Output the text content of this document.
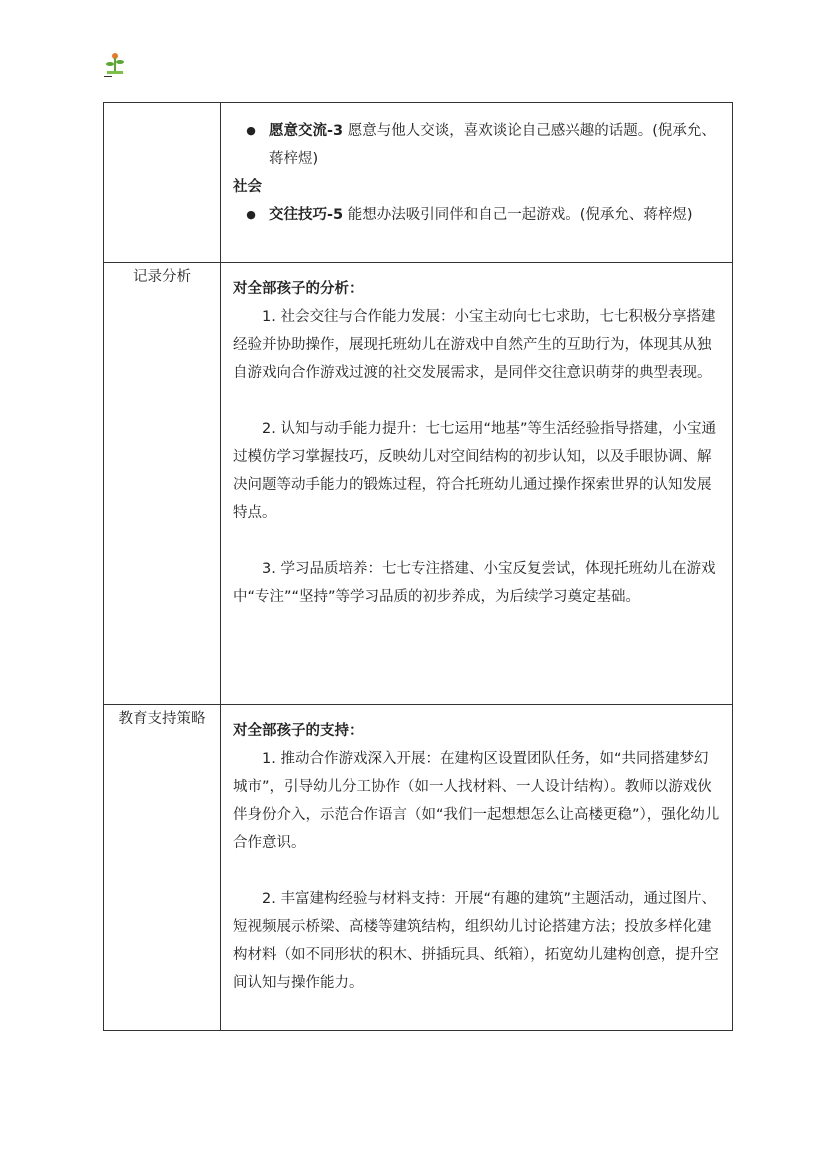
	● 愿意交流-3 愿意与他人交谈，喜欢谈论自己感兴趣的话题。(倪承允、蒋梓煜)

社会

● 交往技巧-5 能想办法吸引同伴和自己一起游戏。(倪承允、蒋梓煜)

记录分析	对全部孩子的分析：

1. 社会交往与合作能力发展：小宝主动向七七求助，七七积极分享搭建经验并协助操作，展现托班幼儿在游戏中自然产生的互助行为，体现其从独自游戏向合作游戏过渡的社交发展需求，是同伴交往意识萌芽的典型表现。

2. 认知与动手能力提升：七七运用“地基”等生活经验指导搭建，小宝通过模仿学习掌握技巧，反映幼儿对空间结构的初步认知，以及手眼协调、解决问题等动手能力的锻炼过程，符合托班幼儿通过操作探索世界的认知发展特点。

3. 学习品质培养：七七专注搭建、小宝反复尝试，体现托班幼儿在游戏中“专注”“坚持”等学习品质的初步养成，为后续学习奠定基础。

教育支持策略	对全部孩子的支持：

1. 推动合作游戏深入开展：在建构区设置团队任务，如“共同搭建梦幻城市”，引导幼儿分工协作（如一人找材料、一人设计结构）。教师以游戏伙伴身份介入，示范合作语言（如“我们一起想想怎么让高楼更稳”），强化幼儿合作意识。

2. 丰富建构经验与材料支持：开展“有趣的建筑”主题活动，通过图片、短视频展示桥梁、高楼等建筑结构，组织幼儿讨论搭建方法；投放多样化建构材料（如不同形状的积木、拼插玩具、纸箱），拓宽幼儿建构创意，提升空间认知与操作能力。
